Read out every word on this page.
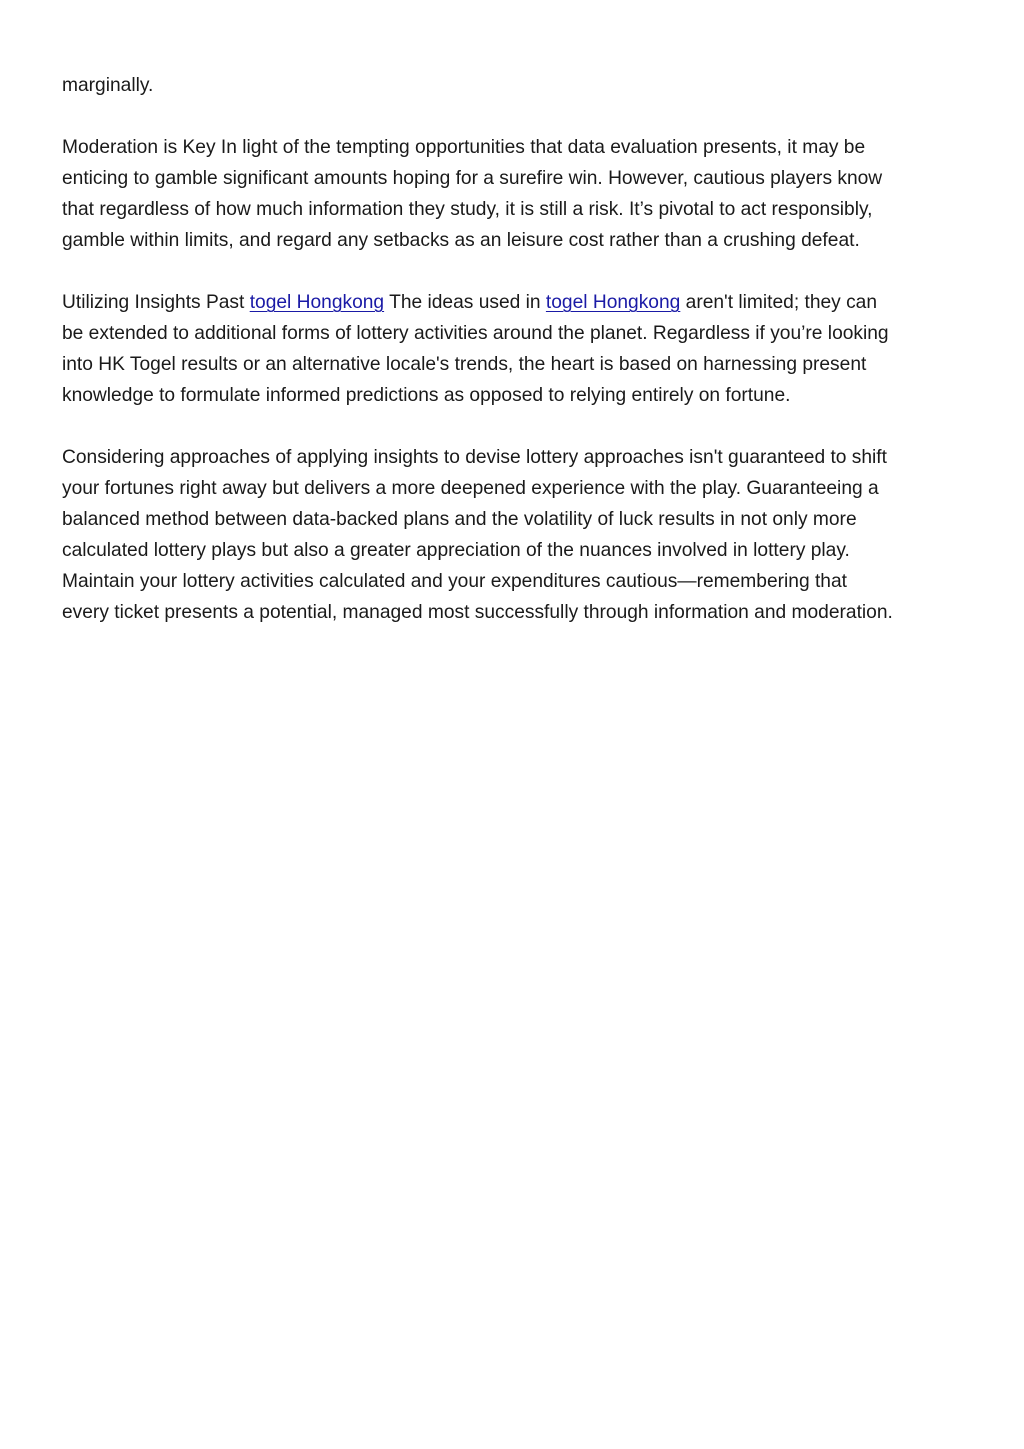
marginally.

Moderation is Key In light of the tempting opportunities that data evaluation presents, it may be
enticing to gamble significant amounts hoping for a surefire win. However, cautious players know
that regardless of how much information they study, it is still a risk. It’s pivotal to act responsibly,
gamble within limits, and regard any setbacks as an leisure cost rather than a crushing defeat.

Utilizing Insights Past togel Hongkong The ideas used in togel Hongkong aren't limited; they can
be extended to additional forms of lottery activities around the planet. Regardless if you’re looking
into HK Togel results or an alternative locale's trends, the heart is based on harnessing present
knowledge to formulate informed predictions as opposed to relying entirely on fortune.

Considering approaches of applying insights to devise lottery approaches isn't guaranteed to shift
your fortunes right away but delivers a more deepened experience with the play. Guaranteeing a
balanced method between data-backed plans and the volatility of luck results in not only more
calculated lottery plays but also a greater appreciation of the nuances involved in lottery play.
Maintain your lottery activities calculated and your expenditures cautious—remembering that
every ticket presents a potential, managed most successfully through information and moderation.
